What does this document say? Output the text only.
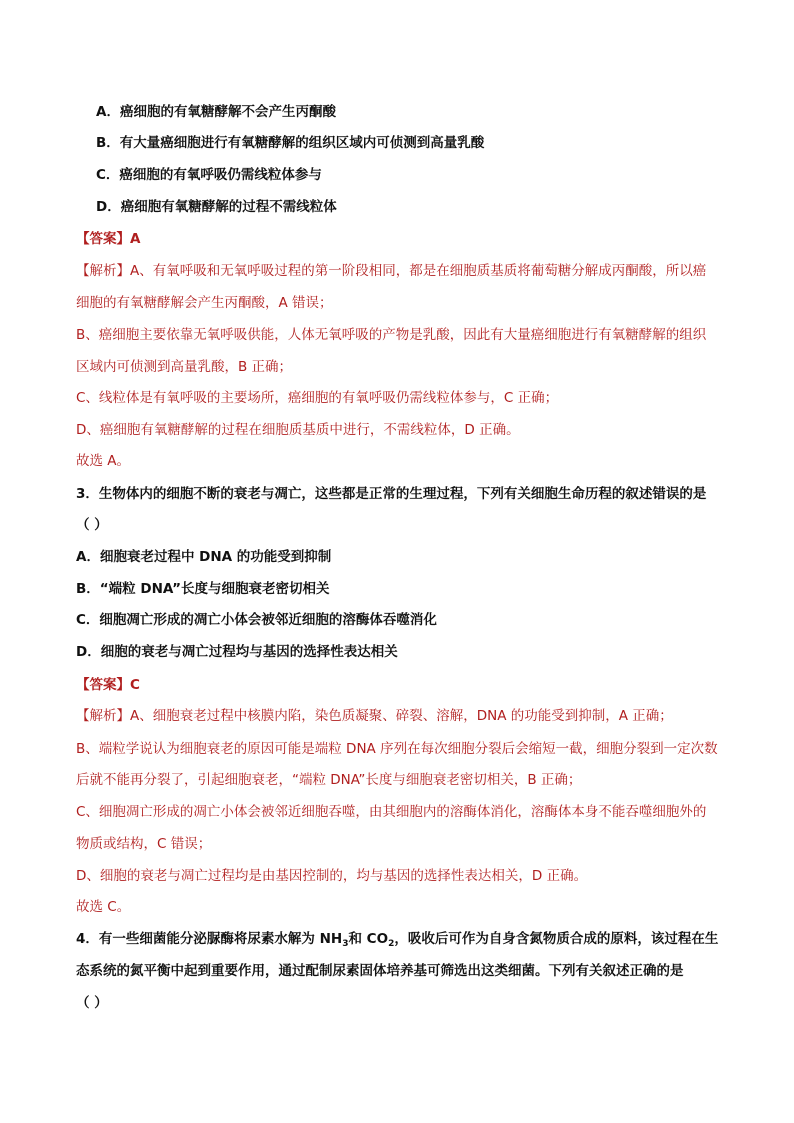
A．癌细胞的有氧糖酵解不会产生丙酮酸
B．有大量癌细胞进行有氧糖酵解的组织区域内可侦测到高量乳酸
C．癌细胞的有氧呼吸仍需线粒体参与
D．癌细胞有氧糖酵解的过程不需线粒体
【答案】A
【解析】A、有氧呼吸和无氧呼吸过程的第一阶段相同，都是在细胞质基质将葡萄糖分解成丙酮酸，所以癌
细胞的有氧糖酵解会产生丙酮酸，A 错误；
B、癌细胞主要依靠无氧呼吸供能，人体无氧呼吸的产物是乳酸，因此有大量癌细胞进行有氧糖酵解的组织
区域内可侦测到高量乳酸，B 正确；
C、线粒体是有氧呼吸的主要场所，癌细胞的有氧呼吸仍需线粒体参与，C 正确；
D、癌细胞有氧糖酵解的过程在细胞质基质中进行，不需线粒体，D 正确。
故选 A。
3．生物体内的细胞不断的衰老与凋亡，这些都是正常的生理过程，下列有关细胞生命历程的叙述错误的是
（ ）
A．细胞衰老过程中 DNA 的功能受到抑制
B．“端粒 DNA”长度与细胞衰老密切相关
C．细胞凋亡形成的凋亡小体会被邻近细胞的溶酶体吞噬消化
D．细胞的衰老与凋亡过程均与基因的选择性表达相关
【答案】C
【解析】A、细胞衰老过程中核膜内陷，染色质凝聚、碎裂、溶解，DNA 的功能受到抑制，A 正确；
B、端粒学说认为细胞衰老的原因可能是端粒 DNA 序列在每次细胞分裂后会缩短一截，细胞分裂到一定次数
后就不能再分裂了，引起细胞衰老，“端粒 DNA”长度与细胞衰老密切相关，B 正确；
C、细胞凋亡形成的凋亡小体会被邻近细胞吞噬，由其细胞内的溶酶体消化，溶酶体本身不能吞噬细胞外的
物质或结构，C 错误；
D、细胞的衰老与凋亡过程均是由基因控制的，均与基因的选择性表达相关，D 正确。
故选 C。
4．有一些细菌能分泌脲酶将尿素水解为 $NH_3$和 $CO_2$，吸收后可作为自身含氮物质合成的原料，该过程在生
态系统的氮平衡中起到重要作用，通过配制尿素固体培养基可筛选出这类细菌。下列有关叙述正确的是
（ ）
